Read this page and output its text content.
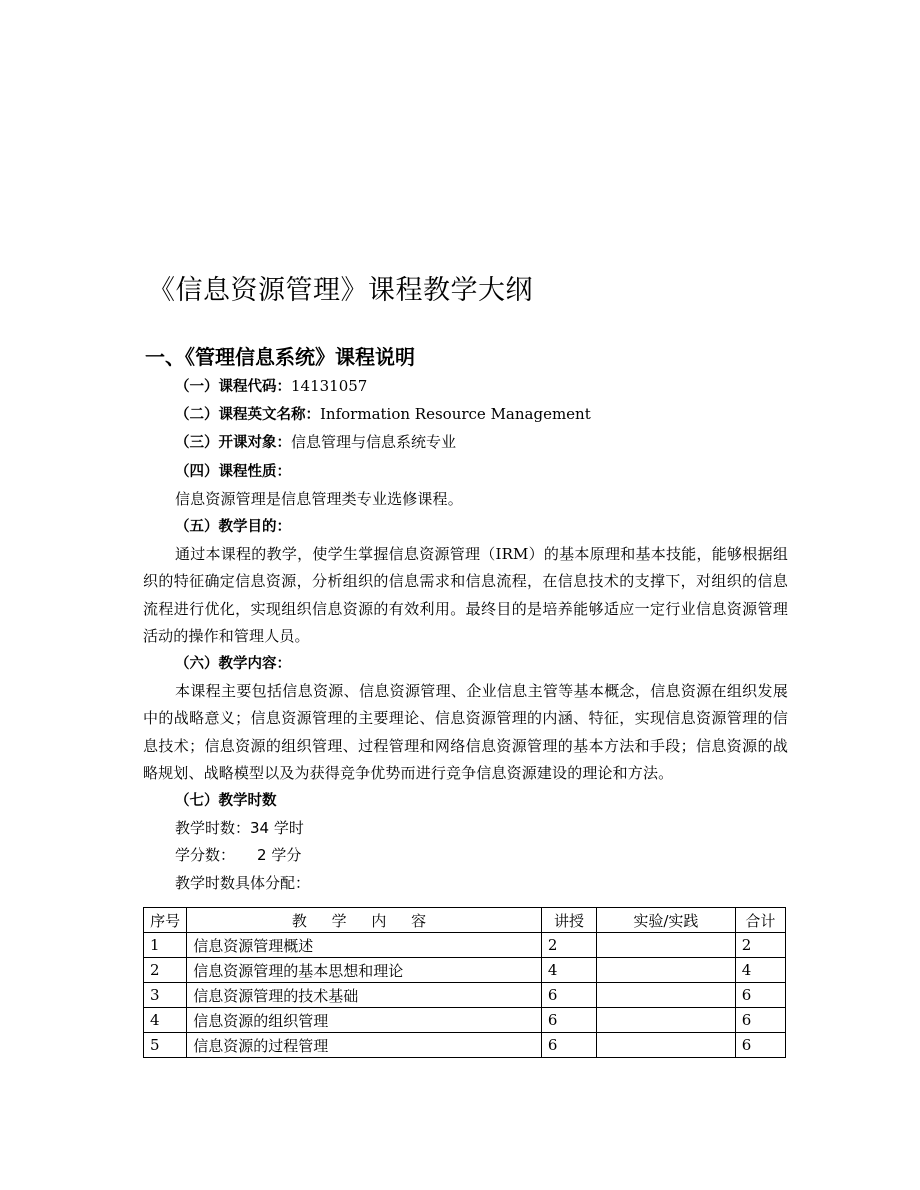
《信息资源管理》课程教学大纲
一、《管理信息系统》课程说明
（一）课程代码：14131057
（二）课程英文名称：Information Resource Management
（三）开课对象：信息管理与信息系统专业
（四）课程性质：
信息资源管理是信息管理类专业选修课程。
（五）教学目的：
通过本课程的教学，使学生掌握信息资源管理（IRM）的基本原理和基本技能，能够根据组织的特征确定信息资源，分析组织的信息需求和信息流程，在信息技术的支撑下，对组织的信息流程进行优化，实现组织信息资源的有效利用。最终目的是培养能够适应一定行业信息资源管理活动的操作和管理人员。
（六）教学内容：
本课程主要包括信息资源、信息资源管理、企业信息主管等基本概念，信息资源在组织发展中的战略意义；信息资源管理的主要理论、信息资源管理的内涵、特征，实现信息资源管理的信息技术；信息资源的组织管理、过程管理和网络信息资源管理的基本方法和手段；信息资源的战略规划、战略模型以及为获得竞争优势而进行竞争信息资源建设的理论和方法。
（七）教学时数
教学时数：34 学时
学分数： 2 学分
教学时数具体分配：
序号	教 学 内 容	讲授	实验/实践	合计
1	信息资源管理概述	2		2
2	信息资源管理的基本思想和理论	4		4
3	信息资源管理的技术基础	6		6
4	信息资源的组织管理	6		6
5	信息资源的过程管理	6		6
